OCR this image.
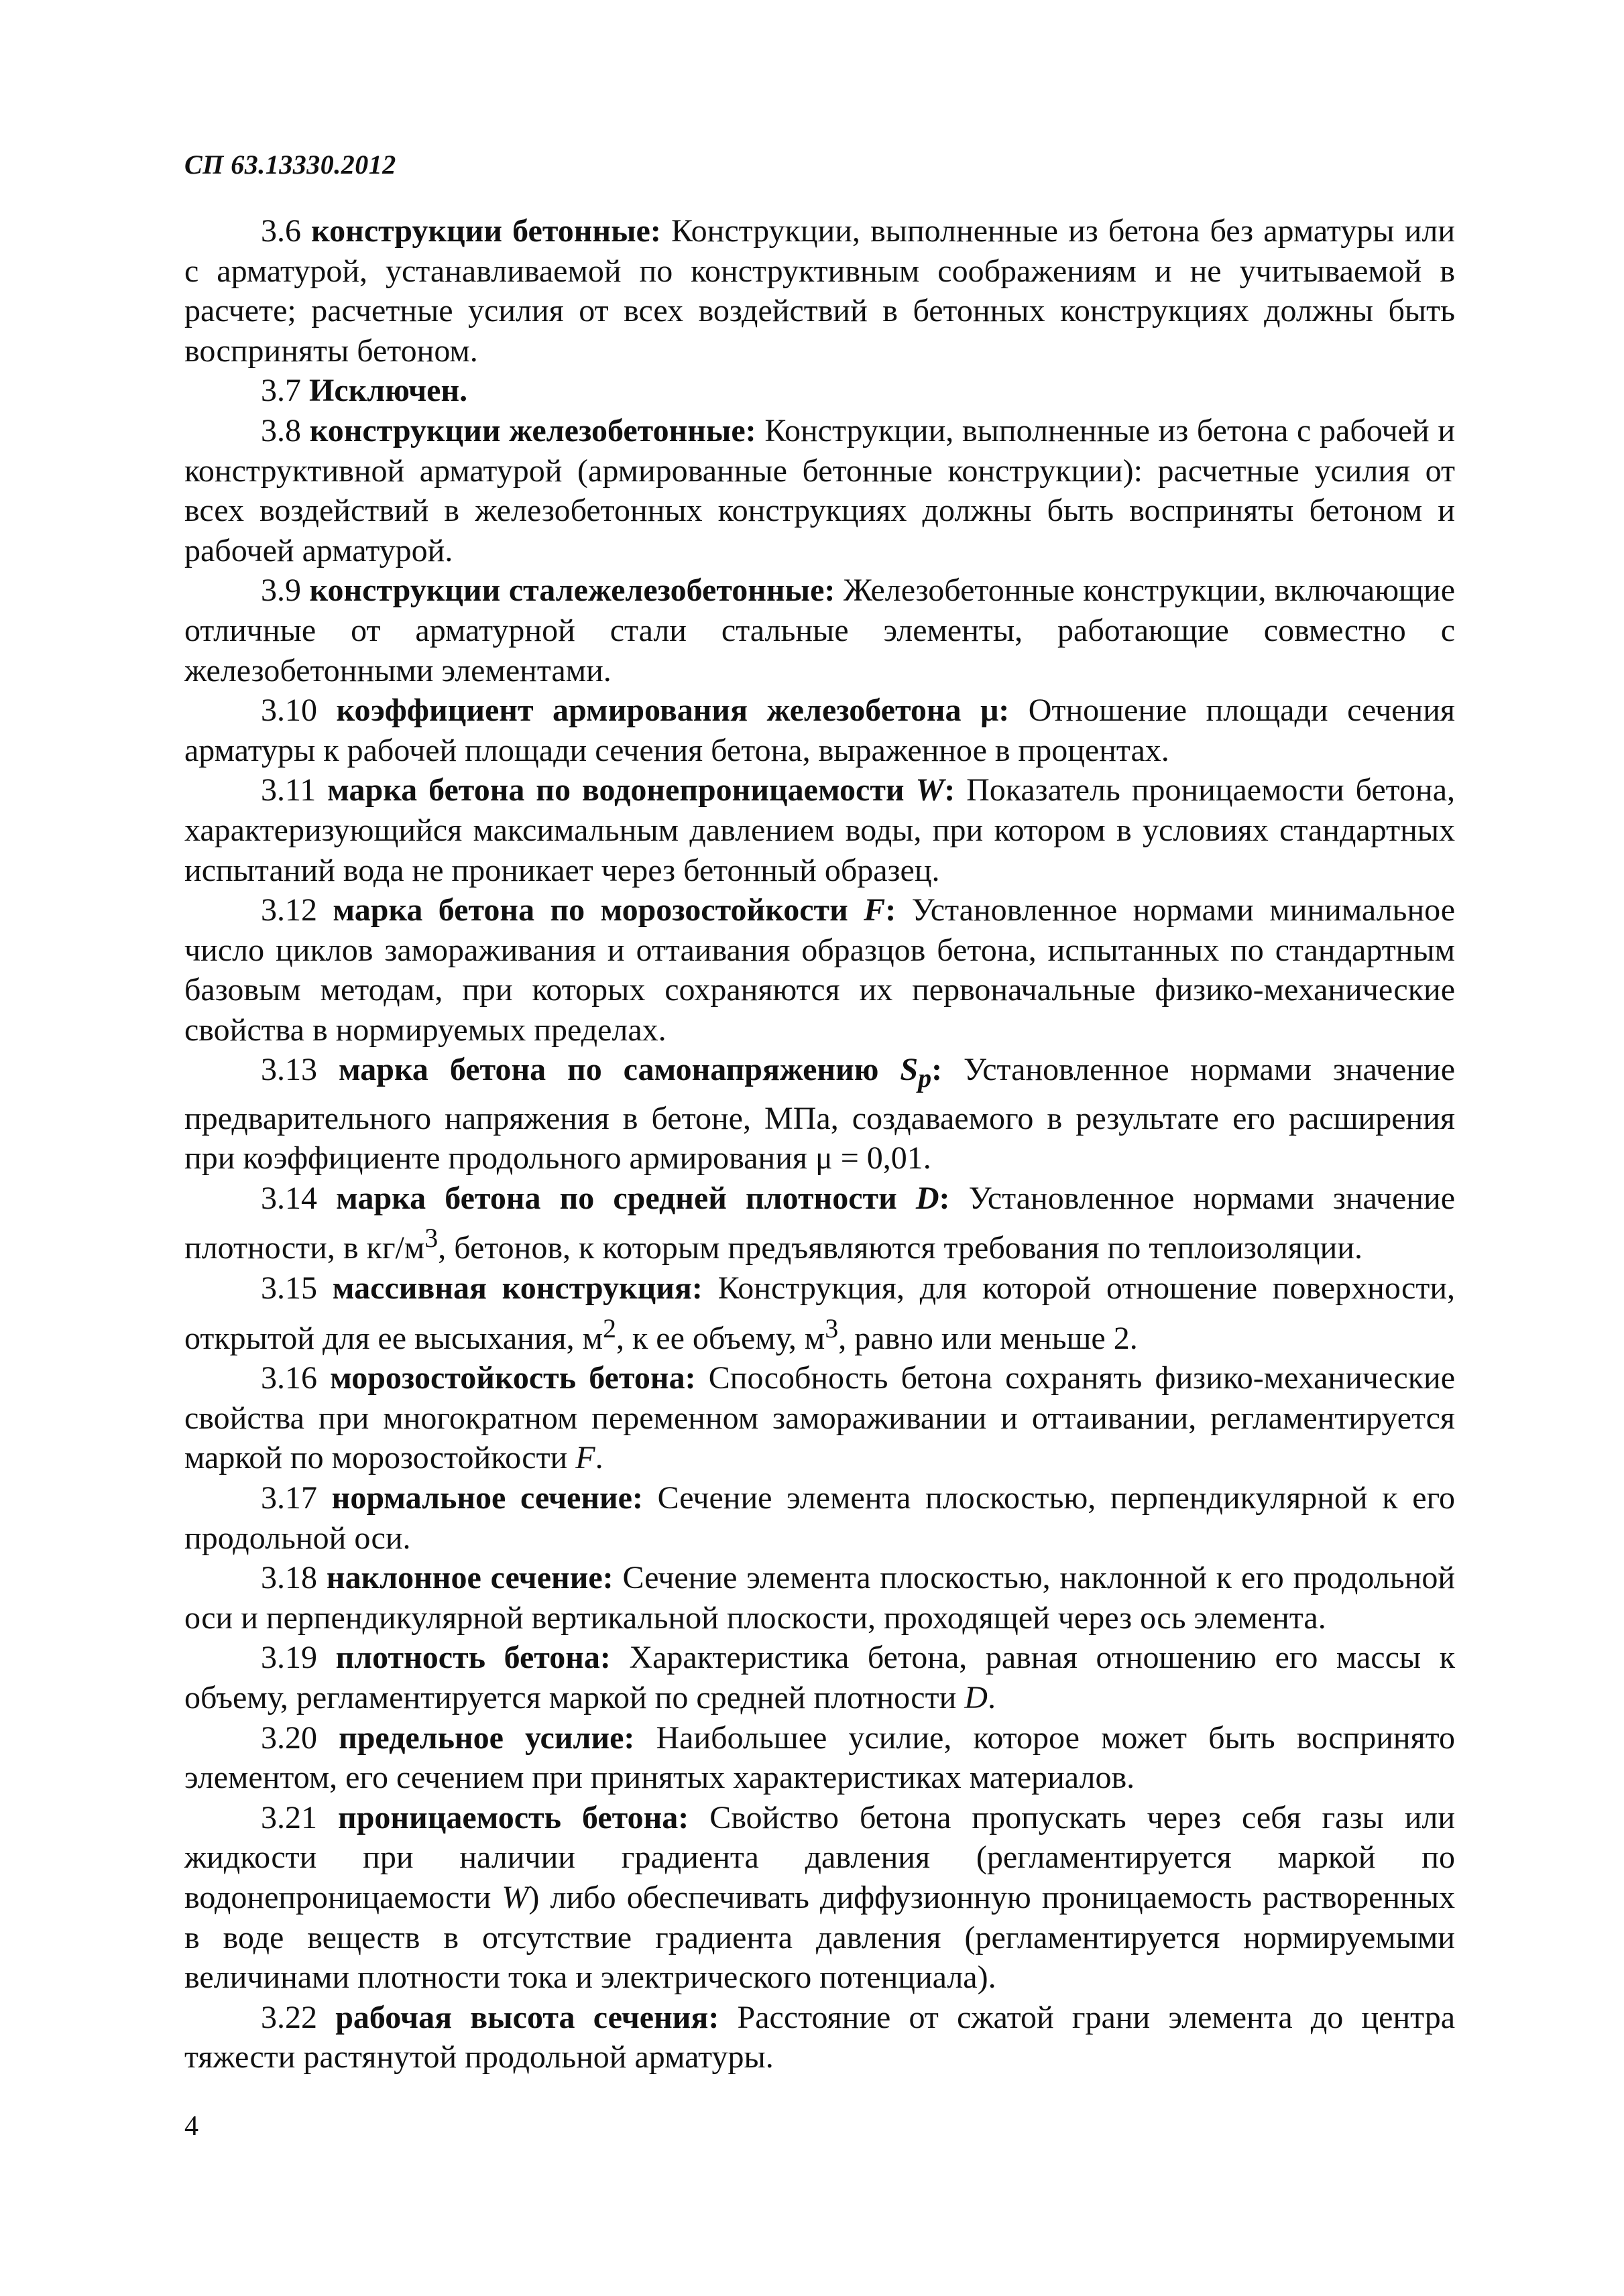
СП 63.13330.2012

3.6 конструкции бетонные: Конструкции, выполненные из бетона без арматуры или с арматурой, устанавливаемой по конструктивным соображениям и не учитываемой в расчете; расчетные усилия от всех воздействий в бетонных конструкциях должны быть восприняты бетоном.

3.7 Исключен.

3.8 конструкции железобетонные: Конструкции, выполненные из бетона с рабочей и конструктивной арматурой (армированные бетонные конструкции): расчетные усилия от всех воздействий в железобетонных конструкциях должны быть восприняты бетоном и рабочей арматурой.

3.9 конструкции сталежелезобетонные: Железобетонные конструкции, включающие отличные от арматурной стали стальные элементы, работающие совместно с железобетонными элементами.

3.10 коэффициент армирования железобетона μ: Отношение площади сечения арматуры к рабочей площади сечения бетона, выраженное в процентах.

3.11 марка бетона по водонепроницаемости W: Показатель проницаемости бетона, характеризующийся максимальным давлением воды, при котором в условиях стандартных испытаний вода не проникает через бетонный образец.

3.12 марка бетона по морозостойкости F: Установленное нормами минимальное число циклов замораживания и оттаивания образцов бетона, испытанных по стандартным базовым методам, при которых сохраняются их первоначальные физико-механические свойства в нормируемых пределах.

3.13 марка бетона по самонапряжению $S_p$: Установленное нормами значение предварительного напряжения в бетоне, МПа, создаваемого в результате его расширения при коэффициенте продольного армирования μ = 0,01.

3.14 марка бетона по средней плотности D: Установленное нормами значение плотности, в $кг/м^3$, бетонов, к которым предъявляются требования по теплоизоляции.

3.15 массивная конструкция: Конструкция, для которой отношение поверхности, открытой для ее высыхания, $м^2$, к ее объему, $м^3$, равно или меньше 2.

3.16 морозостойкость бетона: Способность бетона сохранять физико-механические свойства при многократном переменном замораживании и оттаивании, регламентируется маркой по морозостойкости F.

3.17 нормальное сечение: Сечение элемента плоскостью, перпендикулярной к его продольной оси.

3.18 наклонное сечение: Сечение элемента плоскостью, наклонной к его продольной оси и перпендикулярной вертикальной плоскости, проходящей через ось элемента.

3.19 плотность бетона: Характеристика бетона, равная отношению его массы к объему, регламентируется маркой по средней плотности D.

3.20 предельное усилие: Наибольшее усилие, которое может быть воспринято элементом, его сечением при принятых характеристиках материалов.

3.21 проницаемость бетона: Свойство бетона пропускать через себя газы или жидкости при наличии градиента давления (регламентируется маркой по водонепроницаемости W) либо обеспечивать диффузионную проницаемость растворенных в воде веществ в отсутствие градиента давления (регламентируется нормируемыми величинами плотности тока и электрического потенциала).

3.22 рабочая высота сечения: Расстояние от сжатой грани элемента до центра тяжести растянутой продольной арматуры.

4
